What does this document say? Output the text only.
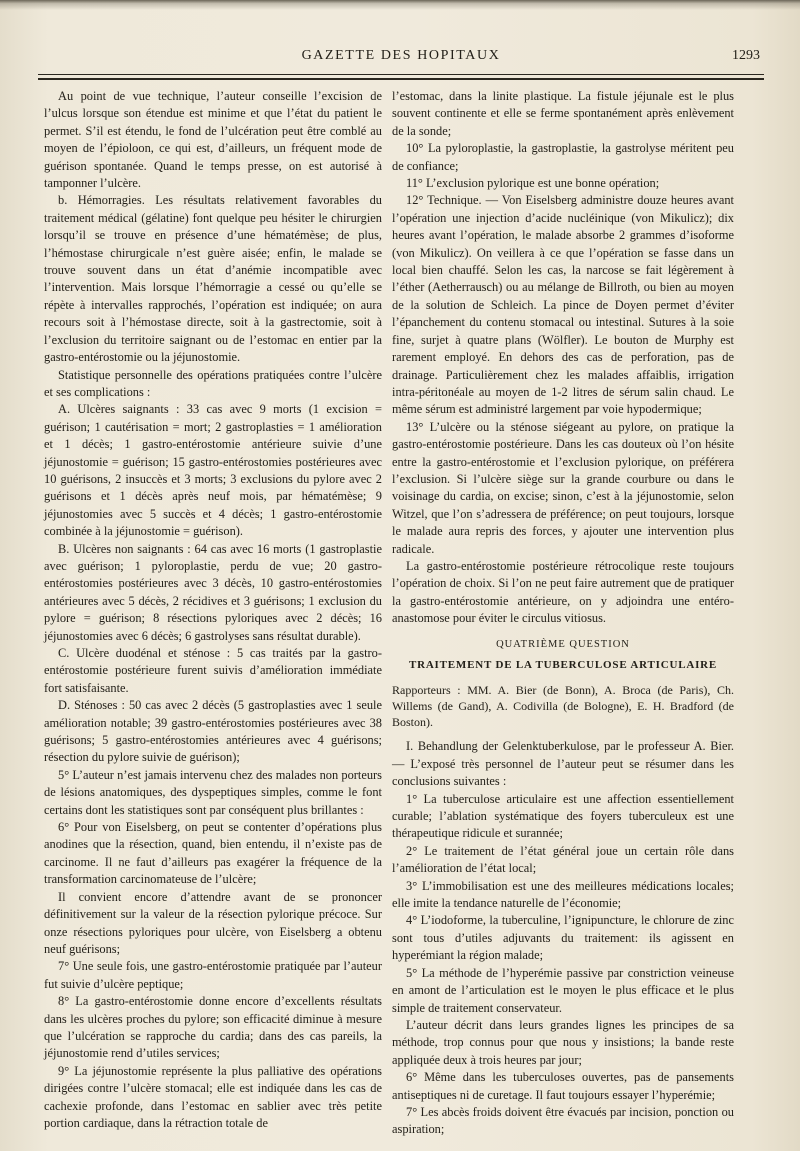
GAZETTE DES HOPITAUX	1293

Au point de vue technique, l’auteur conseille l’excision de l’ulcus lorsque son étendue est minime et que l’état du patient le permet. S’il est étendu, le fond de l’ulcération peut être comblé au moyen de l’épioloon, ce qui est, d’ailleurs, un fréquent mode de guérison spontanée. Quand le temps presse, on est autorisé à tamponner l’ulcère.

b. Hémorragies. Les résultats relativement favorables du traitement médical (gélatine) font quelque peu hésiter le chirurgien lorsqu’il se trouve en présence d’une hématémèse; de plus, l’hémostase chirurgicale n’est guère aisée; enfin, le malade se trouve souvent dans un état d’anémie incompatible avec l’intervention. Mais lorsque l’hémorragie a cessé ou qu’elle se répète à intervalles rapprochés, l’opération est indiquée; on aura recours soit à l’hémostase directe, soit à la gastrectomie, soit à l’exclusion du territoire saignant ou de l’estomac en entier par la gastro-entérostomie ou la jéjunostomie.

Statistique personnelle des opérations pratiquées contre l’ulcère et ses complications :

A. Ulcères saignants : 33 cas avec 9 morts (1 excision = guérison; 1 cautérisation = mort; 2 gastroplasties = 1 amélioration et 1 décès; 1 gastro-entérostomie antérieure suivie d’une jéjunostomie = guérison; 15 gastro-entérostomies postérieures avec 10 guérisons, 2 insuccès et 3 morts; 3 exclusions du pylore avec 2 guérisons et 1 décès après neuf mois, par hématémèse; 9 jéjunostomies avec 5 succès et 4 décès; 1 gastro-entérostomie combinée à la jéjunostomie = guérison).

B. Ulcères non saignants : 64 cas avec 16 morts (1 gastroplastie avec guérison; 1 pyloroplastie, perdu de vue; 20 gastro-entérostomies postérieures avec 3 décès, 10 gastro-entérostomies antérieures avec 5 décès, 2 récidives et 3 guérisons; 1 exclusion du pylore = guérison; 8 résections pyloriques avec 2 décès; 16 jéjunostomies avec 6 décès; 6 gastrolyses sans résultat durable).

C. Ulcère duodénal et sténose : 5 cas traités par la gastro-entérostomie postérieure furent suivis d’amélioration immédiate fort satisfaisante.

D. Sténoses : 50 cas avec 2 décès (5 gastroplasties avec 1 seule amélioration notable; 39 gastro-entérostomies postérieures avec 38 guérisons; 5 gastro-entérostomies antérieures avec 4 guérisons; résection du pylore suivie de guérison);

5° L’auteur n’est jamais intervenu chez des malades non porteurs de lésions anatomiques, des dyspeptiques simples, comme le font certains dont les statistiques sont par conséquent plus brillantes :

6° Pour von Eiselsberg, on peut se contenter d’opérations plus anodines que la résection, quand, bien entendu, il n’existe pas de carcinome. Il ne faut d’ailleurs pas exagérer la fréquence de la transformation carcinomateuse de l’ulcère;

Il convient encore d’attendre avant de se prononcer définitivement sur la valeur de la résection pylorique précoce. Sur onze résections pyloriques pour ulcère, von Eiselsberg a obtenu neuf guérisons;

7° Une seule fois, une gastro-entérostomie pratiquée par l’auteur fut suivie d’ulcère peptique;

8° La gastro-entérostomie donne encore d’excellents résultats dans les ulcères proches du pylore; son efficacité diminue à mesure que l’ulcération se rapproche du cardia; dans des cas pareils, la jéjunostomie rend d’utiles services;

9° La jéjunostomie représente la plus palliative des opérations dirigées contre l’ulcère stomacal; elle est indiquée dans les cas de cachexie profonde, dans l’estomac en sablier avec très petite portion cardiaque, dans la rétraction totale de

l’estomac, dans la linite plastique. La fistule jéjunale est le plus souvent continente et elle se ferme spontanément après enlèvement de la sonde;

10° La pyloroplastie, la gastroplastie, la gastrolyse méritent peu de confiance;

11° L’exclusion pylorique est une bonne opération;

12° Technique. — Von Eiselsberg administre douze heures avant l’opération une injection d’acide nucléinique (von Mikulicz); dix heures avant l’opération, le malade absorbe 2 grammes d’isoforme (von Mikulicz). On veillera à ce que l’opération se fasse dans un local bien chauffé. Selon les cas, la narcose se fait légèrement à l’éther (Aetherrausch) ou au mélange de Billroth, ou bien au moyen de la solution de Schleich. La pince de Doyen permet d’éviter l’épanchement du contenu stomacal ou intestinal. Sutures à la soie fine, surjet à quatre plans (Wölfler). Le bouton de Murphy est rarement employé. En dehors des cas de perforation, pas de drainage. Particulièrement chez les malades affaiblis, irrigation intra-péritonéale au moyen de 1-2 litres de sérum salin chaud. Le même sérum est administré largement par voie hypodermique;

13° L’ulcère ou la sténose siégeant au pylore, on pratique la gastro-entérostomie postérieure. Dans les cas douteux où l’on hésite entre la gastro-entérostomie et l’exclusion pylorique, on préférera l’exclusion. Si l’ulcère siège sur la grande courbure ou dans le voisinage du cardia, on excise; sinon, c’est à la jéjunostomie, selon Witzel, que l’on s’adressera de préférence; on peut toujours, lorsque le malade aura repris des forces, y ajouter une intervention plus radicale.

La gastro-entérostomie postérieure rétrocolique reste toujours l’opération de choix. Si l’on ne peut faire autrement que de pratiquer la gastro-entérostomie antérieure, on y adjoindra une entéro-anastomose pour éviter le circulus vitiosus.

QUATRIÈME QUESTION

TRAITEMENT DE LA TUBERCULOSE ARTICULAIRE

Rapporteurs : MM. A. Bier (de Bonn), A. Broca (de Paris), Ch. Willems (de Gand), A. Codivilla (de Bologne), E. H. Bradford (de Boston).

I. Behandlung der Gelenktuberkulose, par le professeur A. Bier. — L’exposé très personnel de l’auteur peut se résumer dans les conclusions suivantes :

1° La tuberculose articulaire est une affection essentiellement curable; l’ablation systématique des foyers tuberculeux est une thérapeutique ridicule et surannée;

2° Le traitement de l’état général joue un certain rôle dans l’amélioration de l’état local;

3° L’immobilisation est une des meilleures médications locales; elle imite la tendance naturelle de l’économie;

4° L’iodoforme, la tuberculine, l’ignipuncture, le chlorure de zinc sont tous d’utiles adjuvants du traitement: ils agissent en hyperémiant la région malade;

5° La méthode de l’hyperémie passive par constriction veineuse en amont de l’articulation est le moyen le plus efficace et le plus simple de traitement conservateur.

L’auteur décrit dans leurs grandes lignes les principes de sa méthode, trop connus pour que nous y insistions; la bande reste appliquée deux à trois heures par jour;

6° Même dans les tuberculoses ouvertes, pas de pansements antiseptiques ni de curetage. Il faut toujours essayer l’hyperémie;

7° Les abcès froids doivent être évacués par incision, ponction ou aspiration;
